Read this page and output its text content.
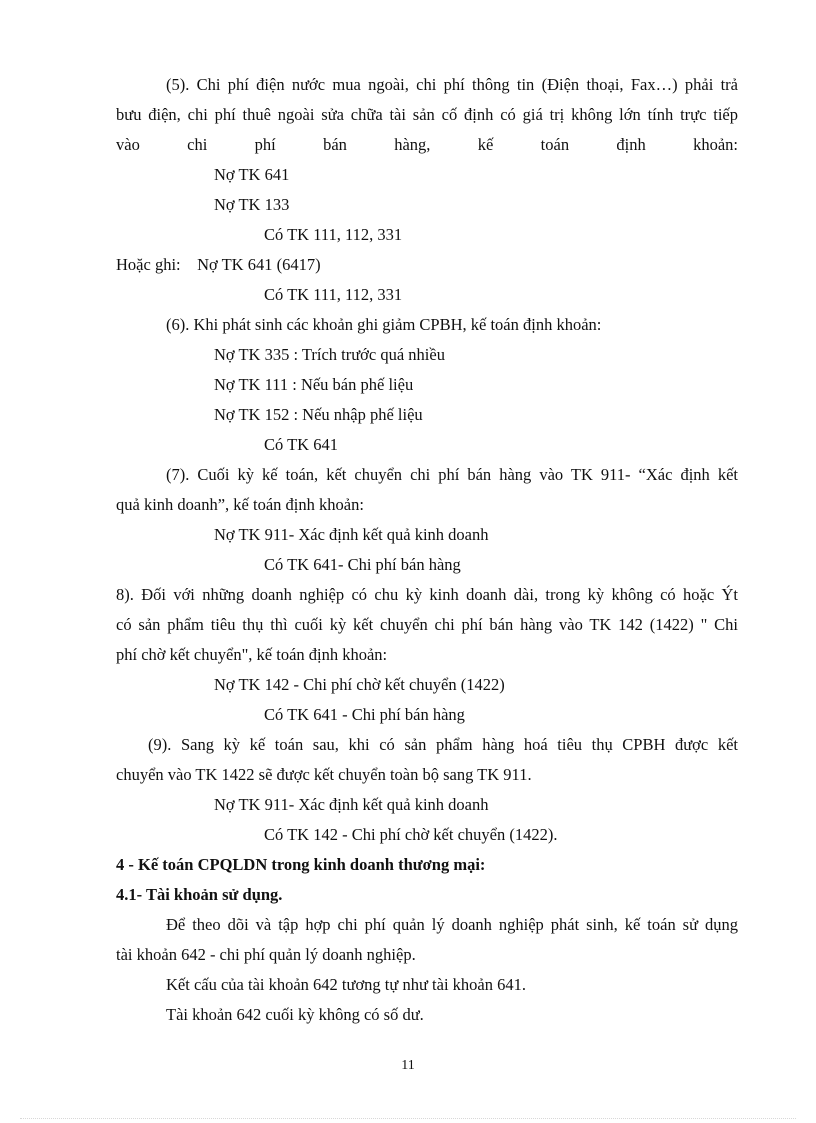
(5). Chi phí điện nước mua ngoài, chi phí thông tin (Điện thoại, Fax…) phải trả
bưu điện, chi phí thuê ngoài sửa chữa tài sản cố định có giá trị không lớn tính trực tiếp
vào chi phí bán hàng, kế toán định khoản:
Nợ TK 641
Nợ TK 133
Có TK 111, 112, 331
Hoặc ghi:    Nợ TK 641 (6417)
Có TK 111, 112, 331
(6). Khi phát sinh các khoản ghi giảm CPBH, kế toán định khoản:
Nợ TK 335 : Trích trước quá nhiều
Nợ TK 111 : Nếu bán phế liệu
Nợ TK 152 : Nếu nhập phế liệu
Có TK 641
(7). Cuối kỳ kế toán, kết chuyển chi phí bán hàng vào TK 911- “Xác định kết
quả kinh doanh”, kế toán định khoản:
Nợ TK 911- Xác định kết quả kinh doanh
Có TK 641- Chi phí bán hàng
8). Đối với những doanh nghiệp có chu kỳ kinh doanh dài, trong kỳ không có hoặc Ýt
có sản phẩm tiêu thụ thì cuối kỳ kết chuyển chi phí bán hàng vào TK 142 (1422) " Chi
phí chờ kết chuyển", kế toán định khoản:
Nợ TK 142 - Chi phí chờ kết chuyển (1422)
Có TK 641 - Chi phí bán hàng
(9). Sang kỳ kế toán sau, khi có sản phẩm hàng hoá tiêu thụ CPBH được kết
chuyển vào TK 1422 sẽ được kết chuyển toàn bộ sang TK 911.
Nợ TK 911- Xác định kết quả kinh doanh
Có TK 142 - Chi phí chờ kết chuyển (1422).
4 - Kế toán CPQLDN trong kinh doanh thương mại:
4.1- Tài khoản sử dụng.
Để theo dõi và tập hợp chi phí quản lý doanh nghiệp phát sinh, kế toán sử dụng
tài khoản 642 - chi phí quản lý doanh nghiệp.
Kết cấu của tài khoản 642 tương tự như tài khoản 641.
Tài khoản 642 cuối kỳ không có số dư.
11
